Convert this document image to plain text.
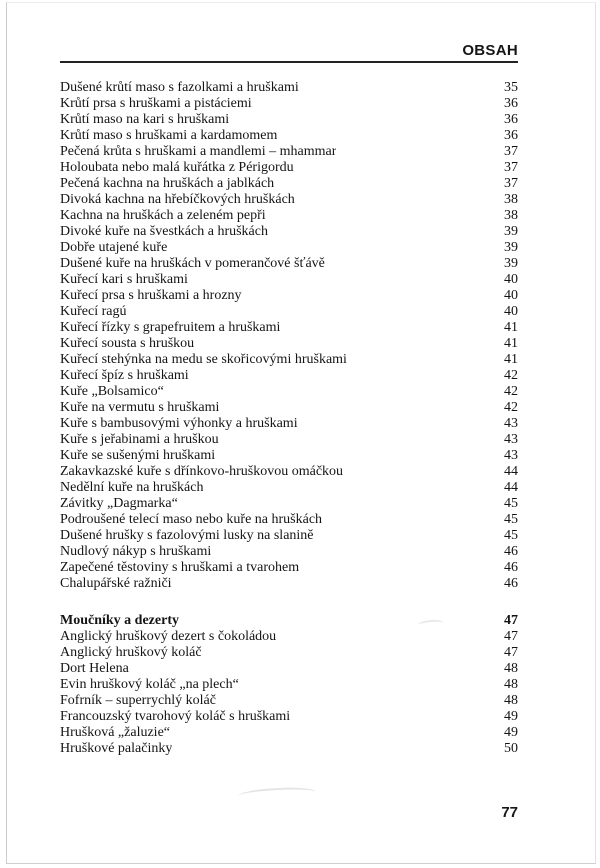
OBSAH
Dušené krůtí maso s fazolkami a hruškami	35
Krůtí prsa s hruškami a pistáciemi	36
Krůtí maso na kari s hruškami	36
Krůtí maso s hruškami a kardamomem	36
Pečená krůta s hruškami a mandlemi – mhammar	37
Holoubata nebo malá kuřátka z Périgordu	37
Pečená kachna na hruškách a jablkách	37
Divoká kachna na hřebíčkových hruškách	38
Kachna na hruškách a zeleném pepři	38
Divoké kuře na švestkách a hruškách	39
Dobře utajené kuře	39
Dušené kuře na hruškách v pomerančové šťávě	39
Kuřecí kari s hruškami	40
Kuřecí prsa s hruškami a hrozny	40
Kuřecí ragú	40
Kuřecí řízky s grapefruitem a hruškami	41
Kuřecí sousta s hruškou	41
Kuřecí stehýnka na medu se skořicovými hruškami	41
Kuřecí špíz s hruškami	42
Kuře „Bolsamico“	42
Kuře na vermutu s hruškami	42
Kuře s bambusovými výhonky a hruškami	43
Kuře s jeřabinami a hruškou	43
Kuře se sušenými hruškami	43
Zakavkazské kuře s dřínkovo-hruškovou omáčkou	44
Nedělní kuře na hruškách	44
Závitky „Dagmarka“	45
Podroušené telecí maso nebo kuře na hruškách	45
Dušené hrušky s fazolovými lusky na slanině	45
Nudlový nákyp s hruškami	46
Zapečené těstoviny s hruškami a tvarohem	46
Chalupářské ražniči	46
Moučníky a dezerty	47
Anglický hruškový dezert s čokoládou	47
Anglický hruškový koláč	47
Dort Helena	48
Evin hruškový koláč „na plech“	48
Fofrník – superrychlý koláč	48
Francouzský tvarohový koláč s hruškami	49
Hrušková „žaluzie“	49
Hruškové palačinky	50
77
